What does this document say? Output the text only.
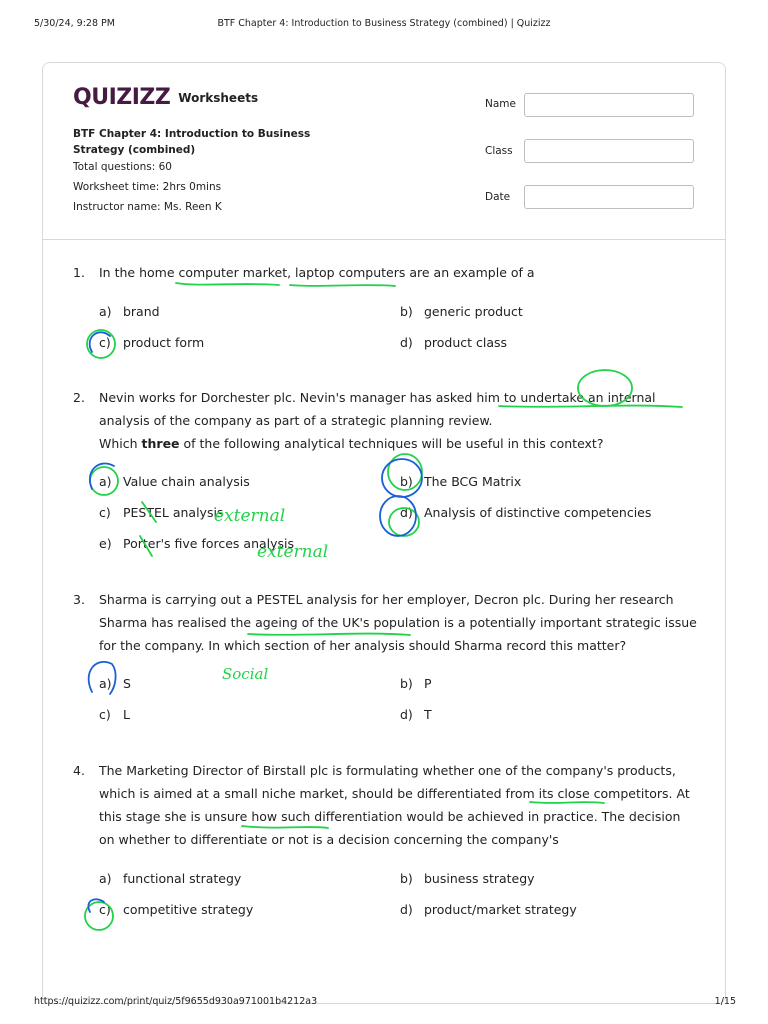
5/30/24, 9:28 PM	BTF Chapter 4: Introduction to Business Strategy (combined) | Quizizz
QUIZIZZ Worksheets
BTF Chapter 4: Introduction to Business Strategy (combined)
Total questions: 60
Worksheet time: 2hrs 0mins
Instructor name: Ms. Reen K
Name
Class
Date
1. In the home computer market, laptop computers are an example of a
a) brand	b) generic product
c) product form	d) product class
2. Nevin works for Dorchester plc. Nevin's manager has asked him to undertake an internal analysis of the company as part of a strategic planning review.
Which three of the following analytical techniques will be useful in this context?
a) Value chain analysis	b) The BCG Matrix
c) PESTEL analysis	d) Analysis of distinctive competencies
e) Porter's five forces analysis
3. Sharma is carrying out a PESTEL analysis for her employer, Decron plc. During her research Sharma has realised the ageing of the UK's population is a potentially important strategic issue for the company. In which section of her analysis should Sharma record this matter?
a) S	b) P
c) L	d) T
4. The Marketing Director of Birstall plc is formulating whether one of the company's products, which is aimed at a small niche market, should be differentiated from its close competitors. At this stage she is unsure how such differentiation would be achieved in practice. The decision on whether to differentiate or not is a decision concerning the company's
a) functional strategy	b) business strategy
c) competitive strategy	d) product/market strategy
external
external
Social
https://quizizz.com/print/quiz/5f9655d930a971001b4212a3	1/15
